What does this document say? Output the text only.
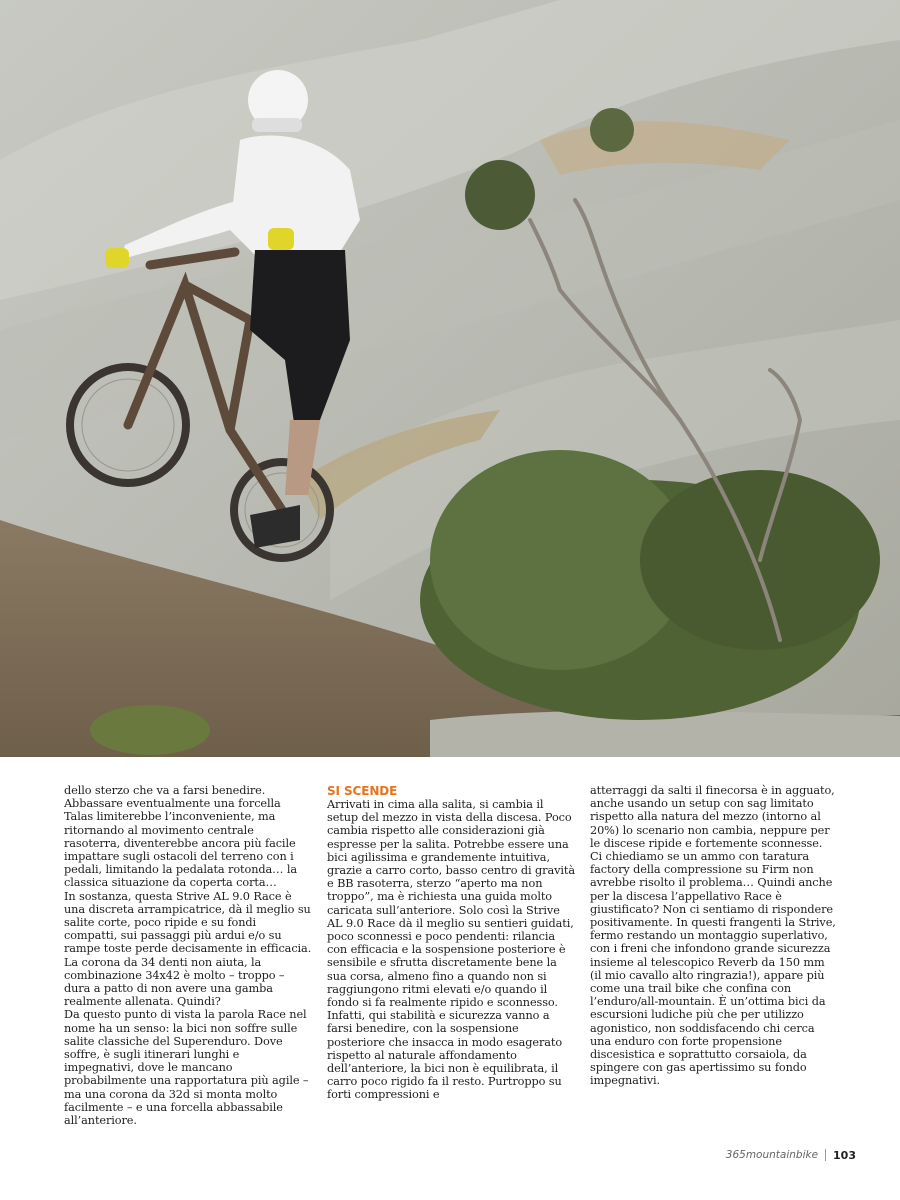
dello sterzo che va a farsi benedire. Abbassare eventualmente una forcella Talas limiterebbe l’inconveniente, ma ritornando al movimento centrale rasoterra, diventerebbe ancora più facile impattare sugli ostacoli del terreno con i pedali, limitando la pedalata rotonda… la classica situazione da coperta corta…

In sostanza, questa Strive AL 9.0 Race è una discreta arrampicatrice, dà il meglio su salite corte, poco ripide e su fondi compatti, sui passaggi più ardui e/o su rampe toste perde decisamente in efficacia. La corona da 34 denti non aiuta, la combinazione 34x42 è molto – troppo – dura a patto di non avere una gamba realmente allenata. Quindi?

Da questo punto di vista la parola Race nel nome ha un senso: la bici non soffre sulle salite classiche del Superenduro. Dove soffre, è sugli itinerari lunghi e impegnativi, dove le mancano probabilmente una rapportatura più agile – ma una corona da 32d si monta molto facilmente – e una forcella abbassabile all’anteriore.

SI SCENDE

Arrivati in cima alla salita, si cambia il setup del mezzo in vista della discesa. Poco cambia rispetto alle considerazioni già espresse per la salita. Potrebbe essere una bici agilissima e grandemente intuitiva, grazie a carro corto, basso centro di gravità e BB rasoterra, sterzo “aperto ma non troppo”, ma è richiesta una guida molto caricata sull’anteriore. Solo così la Strive AL 9.0 Race dà il meglio su sentieri guidati, poco sconnessi e poco pendenti: rilancia con efficacia e la sospensione posteriore è sensibile e sfrutta discretamente bene la sua corsa, almeno fino a quando non si raggiungono ritmi elevati e/o quando il fondo si fa realmente ripido e sconnesso. Infatti, qui stabilità e sicurezza vanno a farsi benedire, con la sospensione posteriore che insacca in modo esagerato rispetto al naturale affondamento dell’anteriore, la bici non è equilibrata, il carro poco rigido fa il resto. Purtroppo su forti compressioni e

atterraggi da salti il finecorsa è in agguato, anche usando un setup con sag limitato rispetto alla natura del mezzo (intorno al 20%) lo scenario non cambia, neppure per le discese ripide e fortemente sconnesse.

Ci chiediamo se un ammo con taratura factory della compressione su Firm non avrebbe risolto il problema… Quindi anche per la discesa l’appellativo Race è giustificato? Non ci sentiamo di rispondere positivamente. In questi frangenti la Strive, fermo restando un montaggio superlativo, con i freni che infondono grande sicurezza insieme al telescopico Reverb da 150 mm (il mio cavallo alto ringrazia!), appare più come una trail bike che confina con l’enduro/all-mountain. È un’ottima bici da escursioni ludiche più che per utilizzo agonistico, non soddisfacendo chi cerca una enduro con forte propensione discesistica e soprattutto corsaiola, da spingere con gas apertissimo su fondo impegnativi.

365mountainbike 103
